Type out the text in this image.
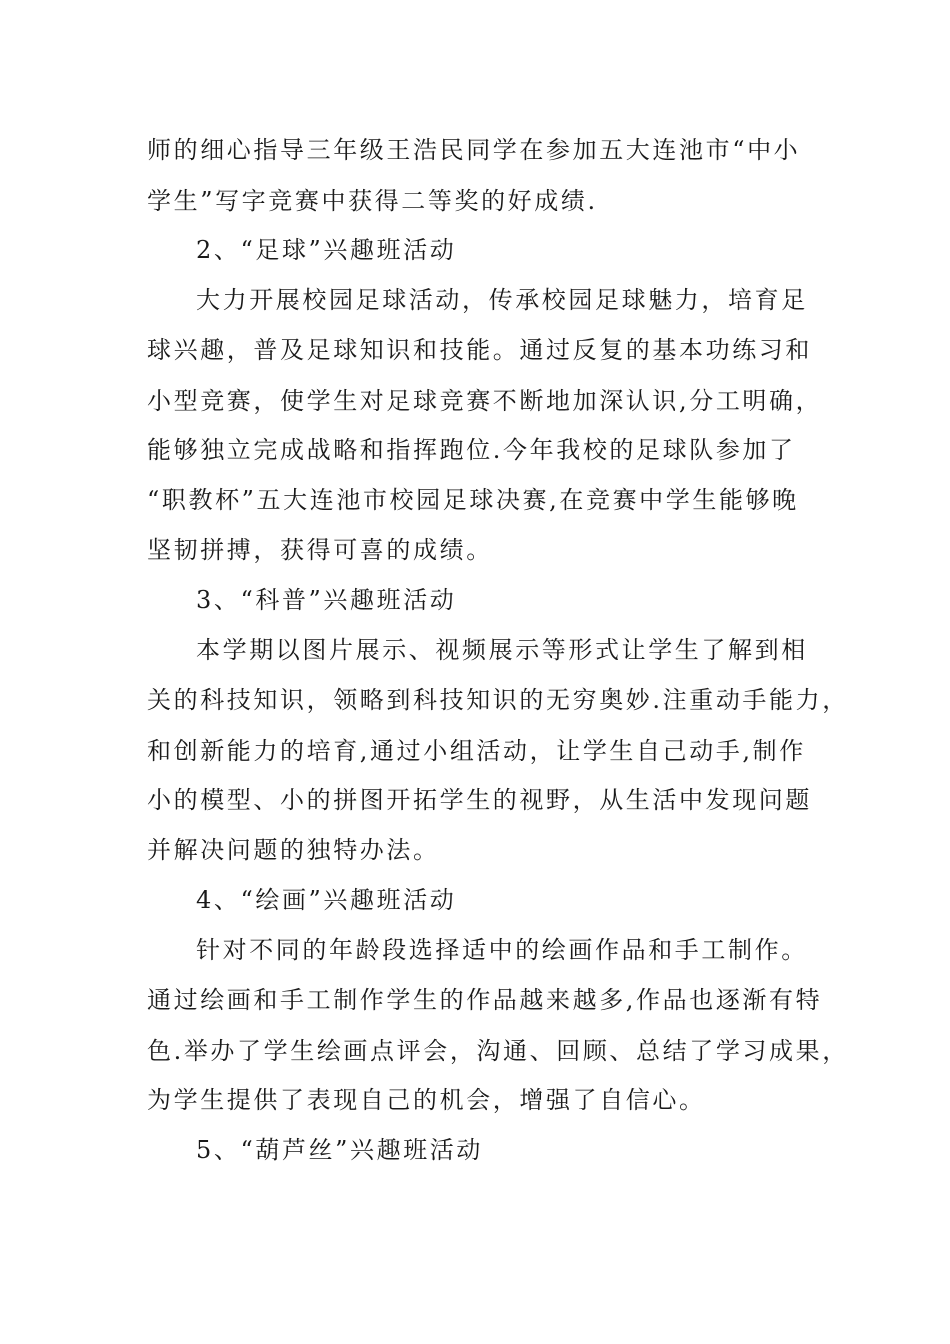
师的细心指导三年级王浩民同学在参加五大连池市“中小
学生”写字竞赛中获得二等奖的好成绩.
2、“足球”兴趣班活动
大力开展校园足球活动，传承校园足球魅力，培育足
球兴趣，普及足球知识和技能。通过反复的基本功练习和
小型竞赛，使学生对足球竞赛不断地加深认识,分工明确，
能够独立完成战略和指挥跑位.今年我校的足球队参加了
“职教杯”五大连池市校园足球决赛,在竞赛中学生能够晚
坚韧拼搏，获得可喜的成绩。
3、“科普”兴趣班活动
本学期以图片展示、视频展示等形式让学生了解到相
关的科技知识，领略到科技知识的无穷奥妙.注重动手能力，
和创新能力的培育,通过小组活动，让学生自己动手,制作
小的模型、小的拼图开拓学生的视野，从生活中发现问题
并解决问题的独特办法。
4、“绘画”兴趣班活动
针对不同的年龄段选择适中的绘画作品和手工制作。
通过绘画和手工制作学生的作品越来越多,作品也逐渐有特
色.举办了学生绘画点评会，沟通、回顾、总结了学习成果，
为学生提供了表现自己的机会，增强了自信心。
5、“葫芦丝”兴趣班活动
